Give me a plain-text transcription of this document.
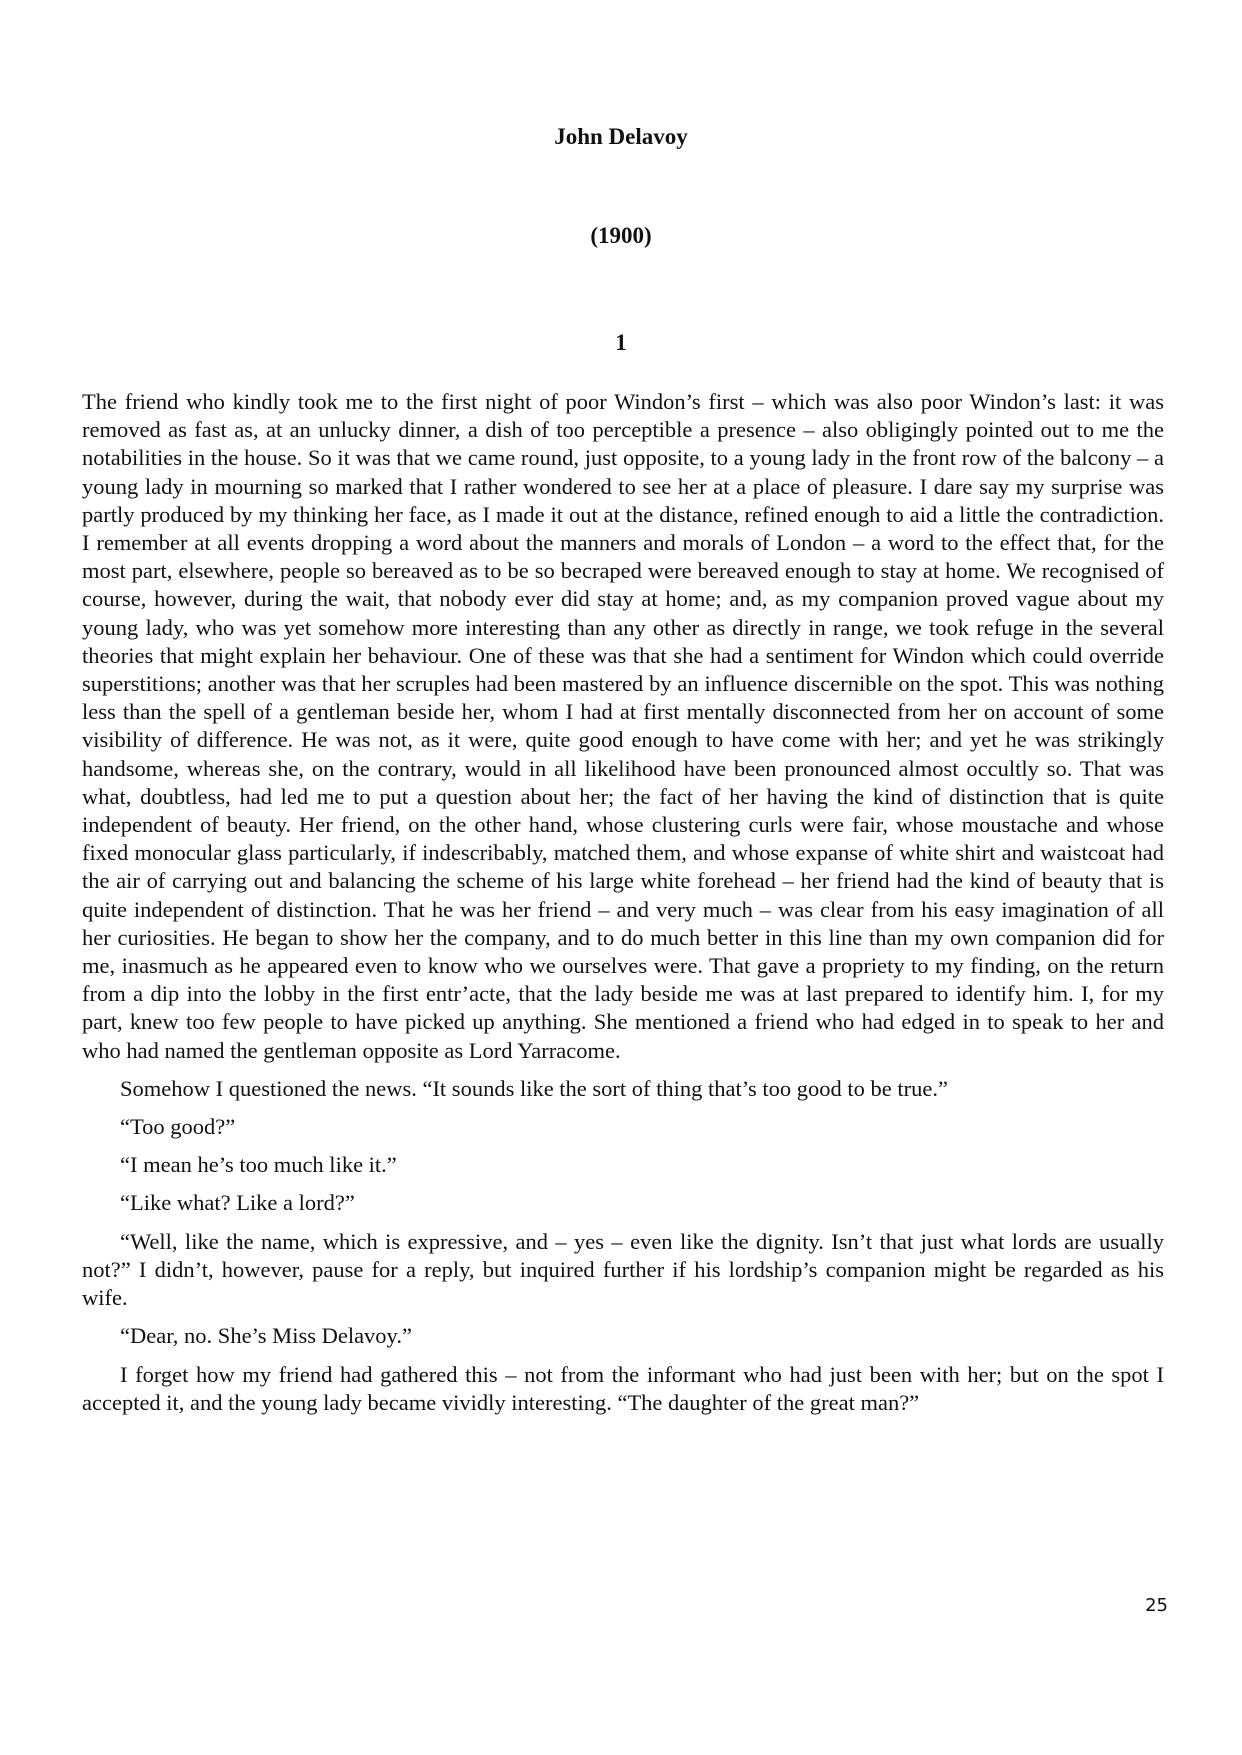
John Delavoy
(1900)
1

The friend who kindly took me to the first night of poor Windon’s first – which was also poor Windon’s last: it was removed as fast as, at an unlucky dinner, a dish of too perceptible a presence – also obligingly pointed out to me the notabilities in the house. So it was that we came round, just opposite, to a young lady in the front row of the balcony – a young lady in mourning so marked that I rather wondered to see her at a place of pleasure. I dare say my surprise was partly produced by my thinking her face, as I made it out at the distance, refined enough to aid a little the contradiction. I remember at all events dropping a word about the manners and morals of London – a word to the effect that, for the most part, elsewhere, people so bereaved as to be so becraped were bereaved enough to stay at home. We recognised of course, however, during the wait, that nobody ever did stay at home; and, as my companion proved vague about my young lady, who was yet somehow more interesting than any other as directly in range, we took refuge in the several theories that might explain her behaviour. One of these was that she had a sentiment for Windon which could override superstitions; another was that her scruples had been mastered by an influence discernible on the spot. This was nothing less than the spell of a gentleman beside her, whom I had at first mentally disconnected from her on account of some visibility of difference. He was not, as it were, quite good enough to have come with her; and yet he was strikingly handsome, whereas she, on the contrary, would in all likelihood have been pronounced almost occultly so. That was what, doubtless, had led me to put a question about her; the fact of her having the kind of distinction that is quite independent of beauty. Her friend, on the other hand, whose clustering curls were fair, whose moustache and whose fixed monocular glass particularly, if indescribably, matched them, and whose expanse of white shirt and waistcoat had the air of carrying out and balancing the scheme of his large white forehead – her friend had the kind of beauty that is quite independent of distinction. That he was her friend – and very much – was clear from his easy imagination of all her curiosities. He began to show her the company, and to do much better in this line than my own companion did for me, inasmuch as he appeared even to know who we ourselves were. That gave a propriety to my finding, on the return from a dip into the lobby in the first entr’acte, that the lady beside me was at last prepared to identify him. I, for my part, knew too few people to have picked up anything. She mentioned a friend who had edged in to speak to her and who had named the gentleman opposite as Lord Yarracome.

Somehow I questioned the news. “It sounds like the sort of thing that’s too good to be true.”

“Too good?”

“I mean he’s too much like it.”

“Like what? Like a lord?”

“Well, like the name, which is expressive, and – yes – even like the dignity. Isn’t that just what lords are usually not?” I didn’t, however, pause for a reply, but inquired further if his lordship’s companion might be regarded as his wife.

“Dear, no. She’s Miss Delavoy.”

I forget how my friend had gathered this – not from the informant who had just been with her; but on the spot I accepted it, and the young lady became vividly interesting. “The daughter of the great man?”

25
